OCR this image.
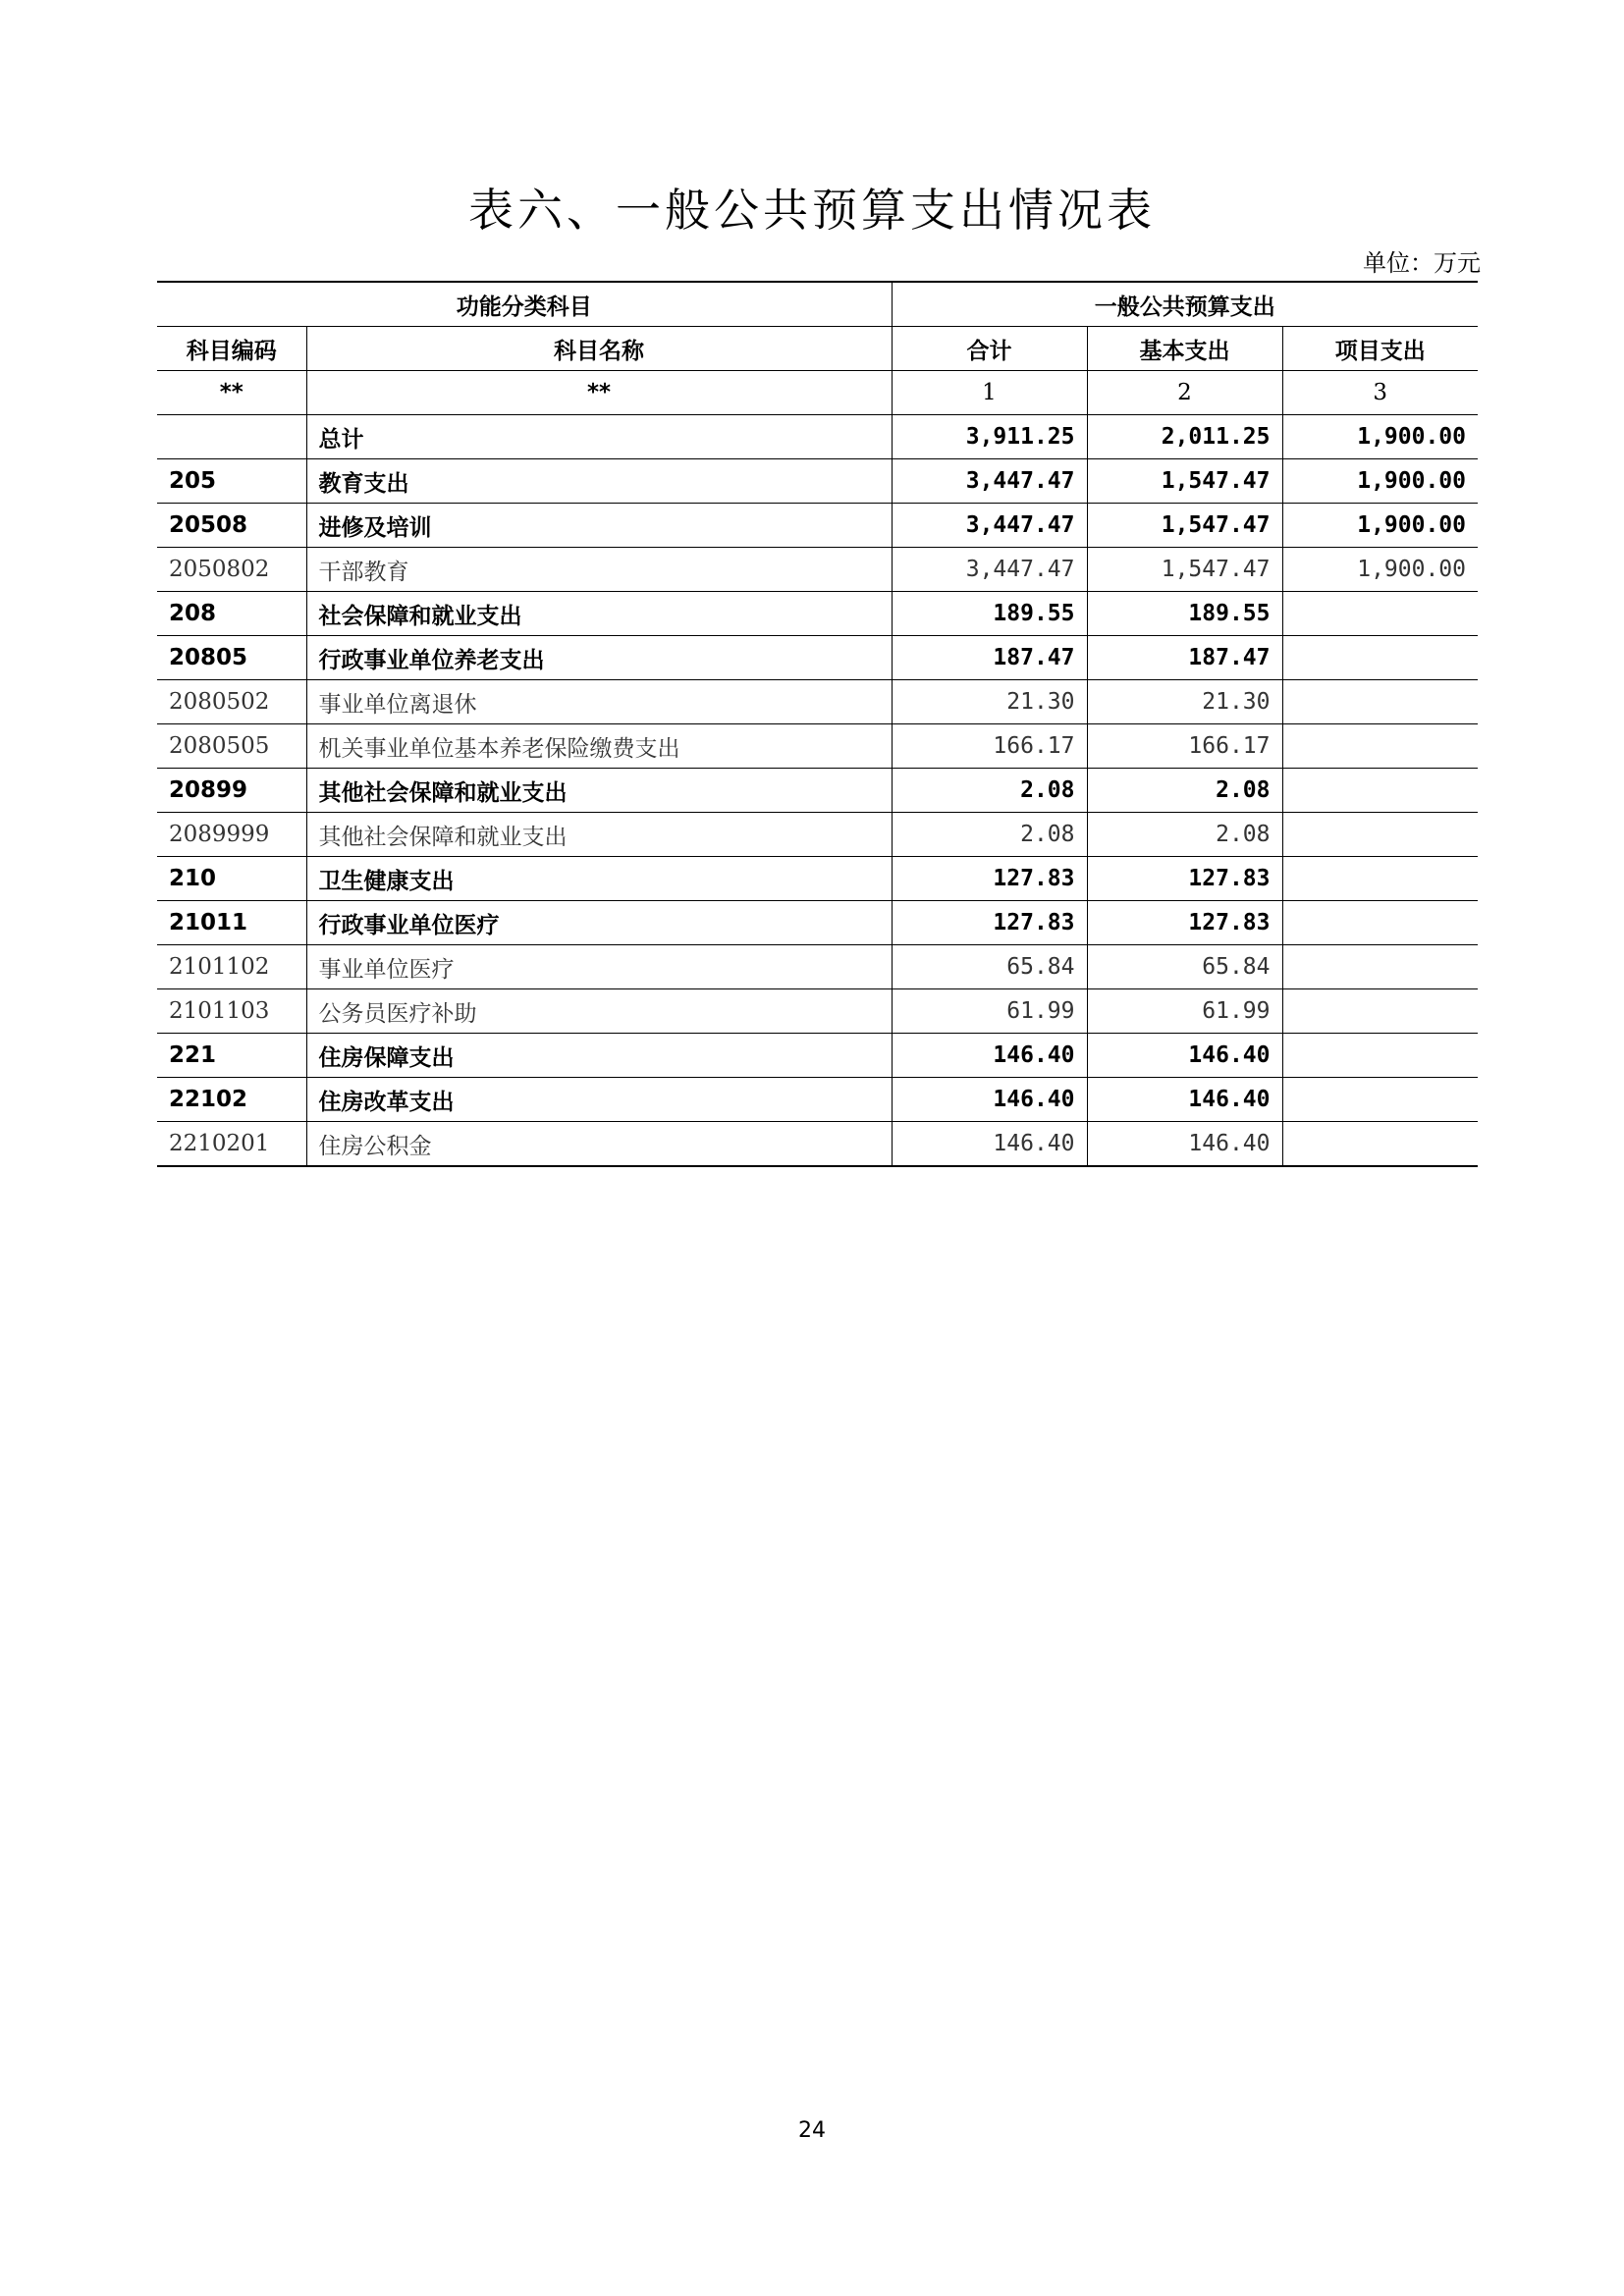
表六、一般公共预算支出情况表
单位：万元
功能分类科目		一般公共预算支出		
科目编码	科目名称	合计	基本支出	项目支出
**	**	1	2	3
	总计	3,911.25	2,011.25	1,900.00
205	教育支出	3,447.47	1,547.47	1,900.00
20508	进修及培训	3,447.47	1,547.47	1,900.00
2050802	干部教育	3,447.47	1,547.47	1,900.00
208	社会保障和就业支出	189.55	189.55	
20805	行政事业单位养老支出	187.47	187.47	
2080502	事业单位离退休	21.30	21.30	
2080505	机关事业单位基本养老保险缴费支出	166.17	166.17	
20899	其他社会保障和就业支出	2.08	2.08	
2089999	其他社会保障和就业支出	2.08	2.08	
210	卫生健康支出	127.83	127.83	
21011	行政事业单位医疗	127.83	127.83	
2101102	事业单位医疗	65.84	65.84	
2101103	公务员医疗补助	61.99	61.99	
221	住房保障支出	146.40	146.40	
22102	住房改革支出	146.40	146.40	
2210201	住房公积金	146.40	146.40	
24
